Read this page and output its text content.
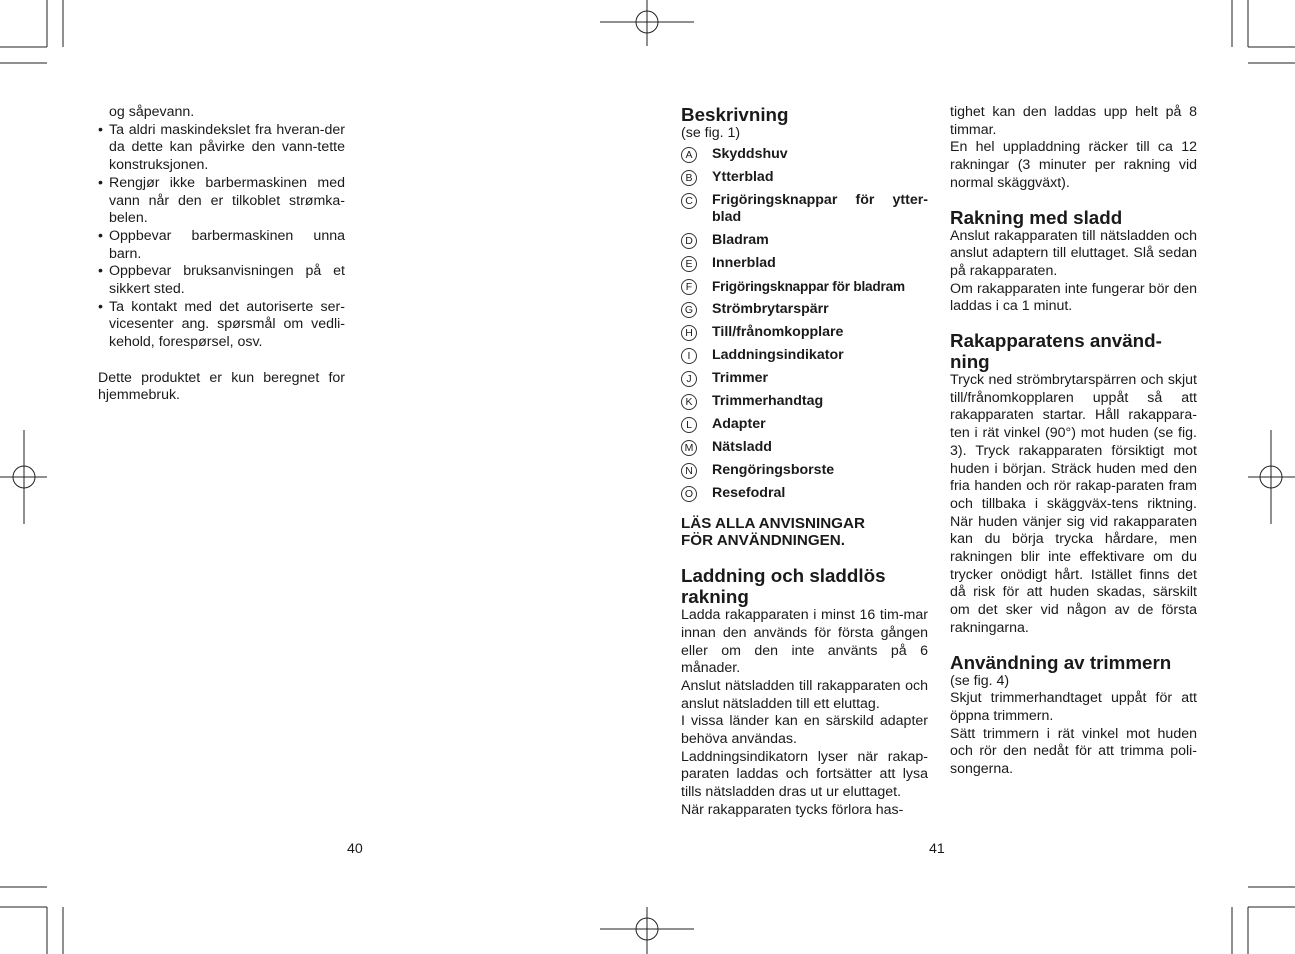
og såpevann.

• Ta aldri maskindekslet fra hveran-der da dette kan påvirke den vann-tette konstruksjonen.
• Rengjør ikke barbermaskinen med vann når den er tilkoblet strømka-belen.
• Oppbevar barbermaskinen unna barn.
• Oppbevar bruksanvisningen på et sikkert sted.
• Ta kontakt med det autoriserte ser-vicesenter ang. spørsmål om vedli-kehold, forespørsel, osv.

Dette produktet er kun beregnet for hjemmebruk.

40
Beskrivning

(se fig. 1)

A	Skyddshuv
B	Ytterblad
C Frigöringsknappar för ytter-blad
D Bladram
E	Innerblad
F	Frigöringsknappar för bladram
G Strömbrytarspärr
H Till/frånomkopplare
I	Laddningsindikator
J	Trimmer
K	Trimmerhandtag
L	Adapter
M Nätsladd
N Rengöringsborste
O Resefodral
LÄS ALLA ANVISNINGAR FÖR ANVÄNDNINGEN.
Laddning och sladdlös rakning

Ladda rakapparaten i minst 16 tim-mar innan den används för första gången eller om den inte använts på 6 månader.

Anslut nätsladden till rakapparaten och anslut nätsladden till ett eluttag.

I vissa länder kan en särskild adapter behöva användas.

Laddningsindikatorn lyser när rakap-paraten laddas och fortsätter att lysa tills nätsladden dras ut ur eluttaget.

När rakapparaten tycks förlora has-

41

tighet kan den laddas upp helt på 8 timmar.

En hel uppladdning räcker till ca 12 rakningar (3 minuter per rakning vid normal skäggväxt).

Rakning med sladd

Anslut rakapparaten till nätsladden och anslut adaptern till eluttaget. Slå sedan på rakapparaten.

Om rakapparaten inte fungerar bör den laddas i ca 1 minut.

Rakapparatens använd-ning

Tryck ned strömbrytarspärren och skjut till/frånomkopplaren uppåt så att rakapparaten startar. Håll rakappara-ten i rät vinkel (90°) mot huden (se fig. 3). Tryck rakapparaten försiktigt mot huden i början. Sträck huden med den fria handen och rör rakap-paraten fram och tillbaka i skäggväx-tens riktning. När huden vänjer sig vid rakapparaten kan du börja trycka hårdare, men rakningen blir inte effektivare om du trycker onödigt hårt. Istället finns det då risk för att huden skadas, särskilt om det sker vid någon av de första rakningarna.

Användning av trimmern

(se fig. 4)

Skjut trimmerhandtaget uppåt för att öppna trimmern.

Sätt trimmern i rät vinkel mot huden och rör den nedåt för att trimma poli-songerna.
